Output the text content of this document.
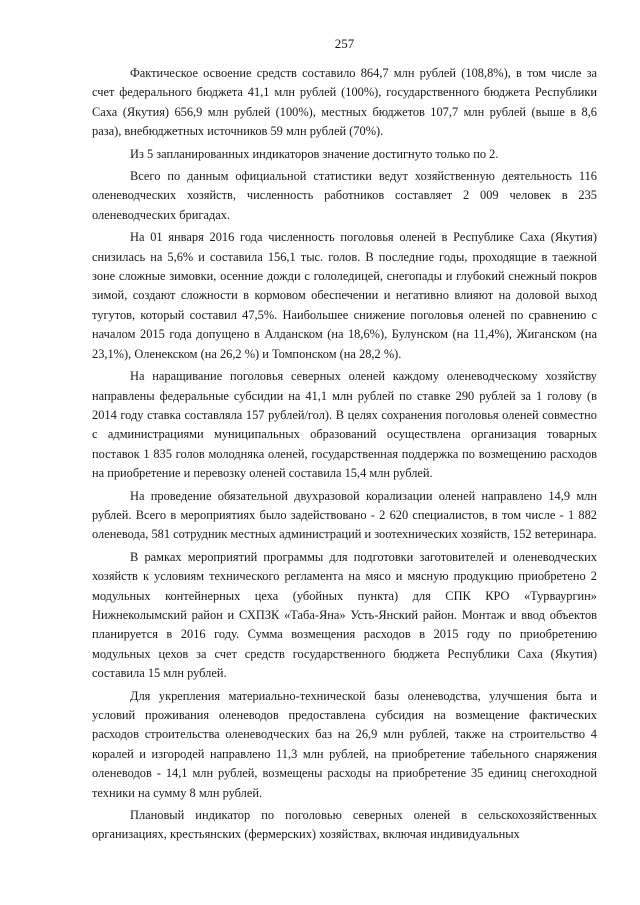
257

Фактическое освоение средств составило 864,7 млн рублей (108,8%), в том числе за счет федерального бюджета 41,1 млн рублей (100%), государственного бюджета Республики Саха (Якутия) 656,9 млн рублей (100%), местных бюджетов 107,7 млн рублей (выше в 8,6 раза), внебюджетных источников 59 млн рублей (70%).

Из 5 запланированных индикаторов значение достигнуто только по 2.

Всего по данным официальной статистики ведут хозяйственную деятельность 116 оленеводческих хозяйств, численность работников составляет 2 009 человек в 235 оленеводческих бригадах.

На 01 января 2016 года численность поголовья оленей в Республике Саха (Якутия) снизилась на 5,6% и составила 156,1 тыс. голов. В последние годы, проходящие в таежной зоне сложные зимовки, осенние дожди с гололедицей, снегопады и глубокий снежный покров зимой, создают сложности в кормовом обеспечении и негативно влияют на доловой выход тугутов, который составил 47,5%. Наибольшее снижение поголовья оленей по сравнению с началом 2015 года допущено в Алданском (на 18,6%), Булунском (на 11,4%), Жиганском (на 23,1%), Оленекском (на 26,2 %) и Томпонском (на 28,2 %).

На наращивание поголовья северных оленей каждому оленеводческому хозяйству направлены федеральные субсидии на 41,1 млн рублей по ставке 290 рублей за 1 голову (в 2014 году ставка составляла 157 рублей/гол). В целях сохранения поголовья оленей совместно с администрациями муниципальных образований осуществлена организация товарных поставок 1 835 голов молодняка оленей, государственная поддержка по возмещению расходов на приобретение и перевозку оленей составила 15,4 млн рублей.

На проведение обязательной двухразовой корализации оленей направлено 14,9 млн рублей. Всего в мероприятиях было задействовано - 2 620 специалистов, в том числе - 1 882 оленевода, 581 сотрудник местных администраций и зоотехнических хозяйств, 152 ветеринара.

В рамках мероприятий программы для подготовки заготовителей и оленеводческих хозяйств к условиям технического регламента на мясо и мясную продукцию приобретено 2 модульных контейнерных цеха (убойных пункта) для СПК КРО «Турваургин» Нижнеколымский район и СХПЗК «Таба-Яна» Усть-Янский район. Монтаж и ввод объектов планируется в 2016 году. Сумма возмещения расходов в 2015 году по приобретению модульных цехов за счет средств государственного бюджета Республики Саха (Якутия) составила 15 млн рублей.

Для укрепления материально-технической базы оленеводства, улучшения быта и условий проживания оленеводов предоставлена субсидия на возмещение фактических расходов строительства оленеводческих баз на 26,9 млн рублей, также на строительство 4 коралей и изгородей направлено 11,3 млн рублей, на приобретение табельного снаряжения оленеводов - 14,1 млн рублей, возмещены расходы на приобретение 35 единиц снегоходной техники на сумму 8 млн рублей.

Плановый индикатор по поголовью северных оленей в сельскохозяйственных организациях, крестьянских (фермерских) хозяйствах, включая индивидуальных
